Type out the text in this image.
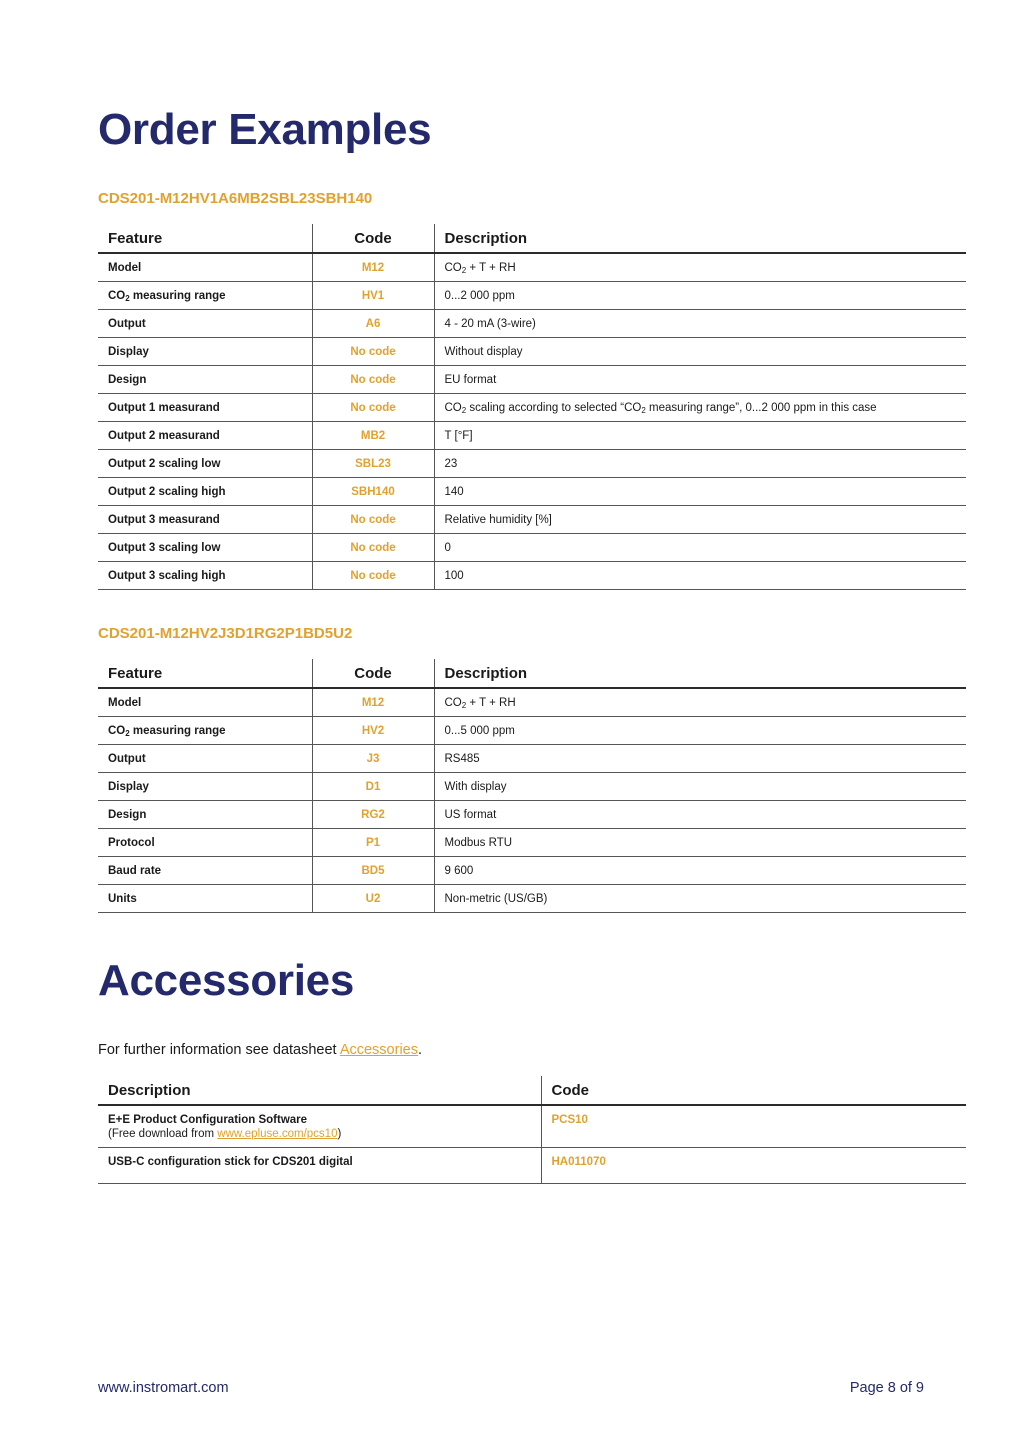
Order Examples

CDS201-M12HV1A6MB2SBL23SBH140

Feature	Code	Description
Model	M12	$CO_2 + T$ + RH
$CO_2$ measuring range	HV1	0...2 000 ppm
Output	A6	4 - 20 mA (3-wire)
Display	No code	Without display
Design	No code	EU format
Output 1 measurand	No code	$CO_2$ scaling according to selected “$CO_2$ measuring range”, 0...2 000 ppm in this case
Output 2 measurand	MB2	T [°F]
Output 2 scaling low	SBL23	23
Output 2 scaling high	SBH140	140
Output 3 measurand	No code	Relative humidity [%]
Output 3 scaling low	No code	0
Output 3 scaling high	No code	100

CDS201-M12HV2J3D1RG2P1BD5U2

Feature	Code	Description
Model	M12	$CO_2 + T$ + RH
$CO_2$ measuring range	HV2	0...5 000 ppm
Output	J3	RS485
Display	D1	With display
Design	RG2	US format
Protocol	P1	Modbus RTU
Baud rate	BD5	9 600
Units	U2	Non-metric (US/GB)
Accessories

For further information see datasheet Accessories.

Description	Code

E+E Product Configuration Software
(Free download from www.epluse.com/pcs10)	PCS10

USB-C configuration stick for CDS201 digital	HA011070
www.instromart.com	Page 8 of 9
